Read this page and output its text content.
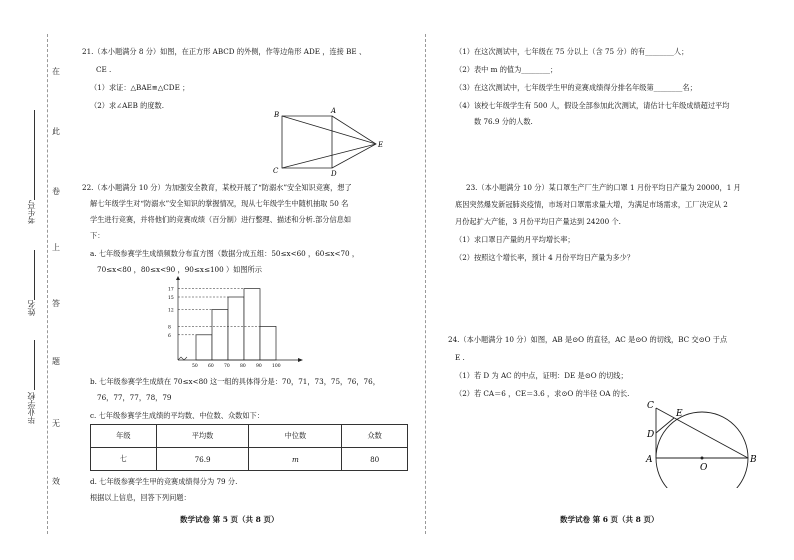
在
此
卷
上
答
题
无
效
考生号
姓名
毕业学校
21.（本小题满分 8 分）如图，在正方形 ABCD 的外侧，作等边角形 ADE ，连接 BE 、
CE .
（1）求证：△BAE≌△CDE ；
（2）求∠AEB 的度数.
B	A
C	D
E
22.（本小题满分 10 分）为加强安全教育，某校开展了“防溺水”安全知识竞赛，想了
解七年级学生对“防溺水”安全知识的掌握情况，现从七年级学生中随机抽取 50 名
学生进行竞赛，并将他们的竞赛成绩（百分制）进行整理、描述和分析.部分信息如
下：
a. 七年级参赛学生成绩频数分布直方图（数据分成五组：50≤x<60 ，60≤x<70 ，
70≤x<80 ，80≤x<90 ，90≤x≤100 ）如图所示
6
8
12
15
17
50 60 70 80 90 100
b. 七年级参赛学生成绩在 70≤x<80 这一组的具体得分是：70，71，73，75，76，76，
76，77，77，78，79
c. 七年级参赛学生成绩的平均数、中位数、众数如下：
年级	平均数	中位数	众数
七	76.9	m	80
d. 七年级参赛学生甲的竞赛成绩得分为 79 分.
根据以上信息，回答下列问题：
数学试卷 第 5 页（共 8 页）
（1）在这次测试中，七年级在 75 分以上（含 75 分）的有________人；
（2）表中 m 的值为________；
（3）在这次测试中，七年级学生甲的竞赛成绩得分排名年级第________名；
（4）该校七年级学生有 500 人，假设全部参加此次测试，请估计七年级成绩超过平均
数 76.9 分的人数.
23.（本小题满分 10 分）某口罩生产厂生产的口罩 1 月份平均日产量为 20000，1 月
底因突然爆发新冠肺炎疫情，市场对口罩需求量大增，为满足市场需求，工厂决定从 2
月份起扩大产能，3 月份平均日产量达到 24200 个.
（1）求口罩日产量的月平均增长率；
（2）按照这个增长率，预计 4 月份平均日产量为多少？
24.（本小题满分 10 分）如图，AB 是⊙O 的直径，AC 是⊙O 的切线，BC 交⊙O 于点
E .
（1）若 D 为 AC 的中点，证明：DE 是⊙O 的切线；
（2）若 CA＝6 ，CE＝3.6 ，求⊙O 的半径 OA 的长.
C
E
D
A
O
B
数学试卷 第 6 页（共 8 页）
